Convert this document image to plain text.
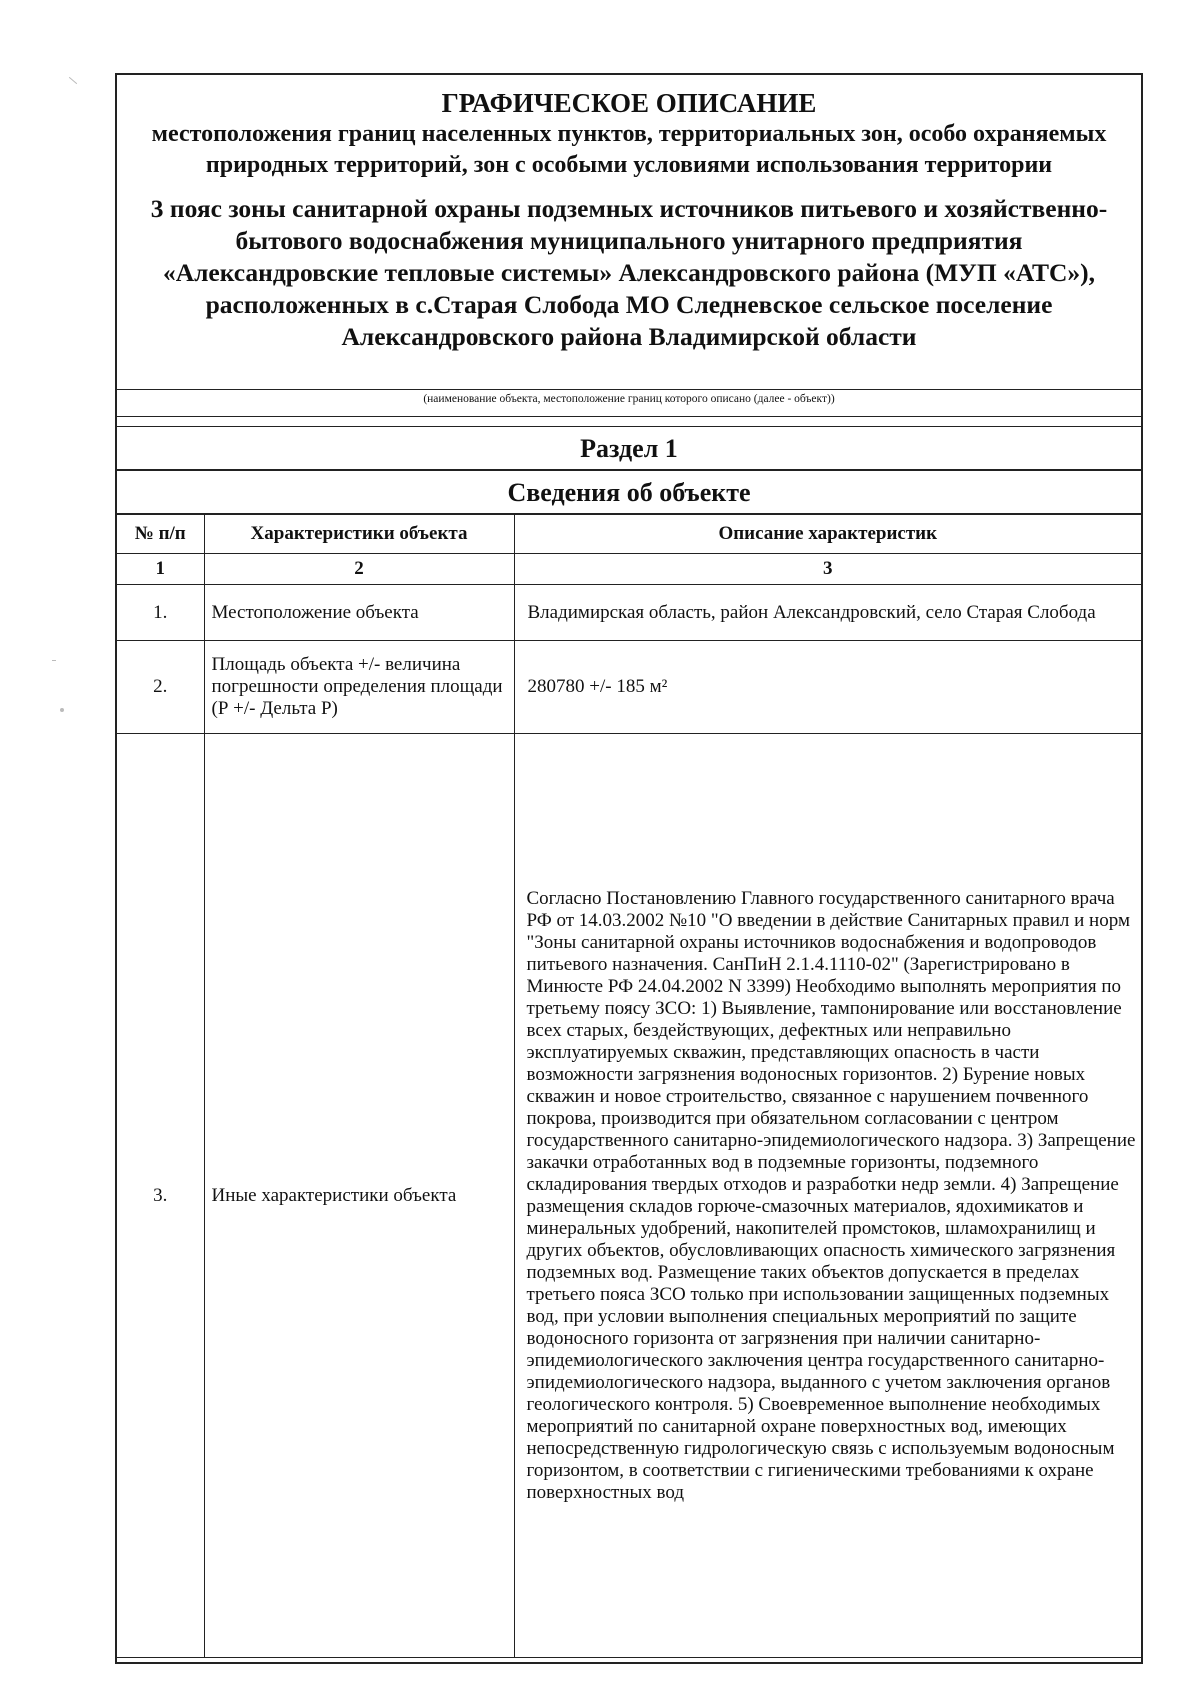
ГРАФИЧЕСКОЕ ОПИСАНИЕ
местоположения границ населенных пунктов, территориальных зон, особо охраняемых природных территорий, зон с особыми условиями использования территории
3 пояс зоны санитарной охраны подземных источников питьевого и хозяйственно-бытового водоснабжения муниципального унитарного предприятия «Александровские тепловые системы» Александровского района (МУП «АТС»), расположенных в с.Старая Слобода МО Следневское сельское поселение Александровского района Владимирской области
(наименование объекта, местоположение границ которого описано (далее - объект))
Раздел 1
Сведения об объекте
№ п/п	Характеристики объекта	Описание характеристик
1	2	3
1.	Местоположение объекта	Владимирская область, район Александровский, село Старая Слобода
2.	Площадь объекта +/- величина погрешности определения площади (Р +/- Дельта Р)	280780 +/- 185 м²
3.	Иные характеристики объекта	Согласно Постановлению Главного государственного санитарного врача РФ от 14.03.2002 №10 "О введении в действие Санитарных правил и норм "Зоны санитарной охраны источников водоснабжения и водопроводов питьевого назначения. СанПиН 2.1.4.1110-02" (Зарегистрировано в Минюсте РФ 24.04.2002 N 3399) Необходимо выполнять мероприятия по третьему поясу ЗСО: 1) Выявление, тампонирование или восстановление всех старых, бездействующих, дефектных или неправильно эксплуатируемых скважин, представляющих опасность в части возможности загрязнения водоносных горизонтов. 2) Бурение новых скважин и новое строительство, связанное с нарушением почвенного покрова, производится при обязательном согласовании с центром государственного санитарно-эпидемиологического надзора. 3) Запрещение закачки отработанных вод в подземные горизонты, подземного складирования твердых отходов и разработки недр земли. 4) Запрещение размещения складов горюче-смазочных материалов, ядохимикатов и минеральных удобрений, накопителей промстоков, шламохранилищ и других объектов, обусловливающих опасность химического загрязнения подземных вод. Размещение таких объектов допускается в пределах третьего пояса ЗСО только при использовании защищенных подземных вод, при условии выполнения специальных мероприятий по защите водоносного горизонта от загрязнения при наличии санитарно-эпидемиологического заключения центра государственного санитарно-эпидемиологического надзора, выданного с учетом заключения органов геологического контроля. 5) Своевременное выполнение необходимых мероприятий по санитарной охране поверхностных вод, имеющих непосредственную гидрологическую связь с используемым водоносным горизонтом, в соответствии с гигиеническими требованиями к охране поверхностных вод
